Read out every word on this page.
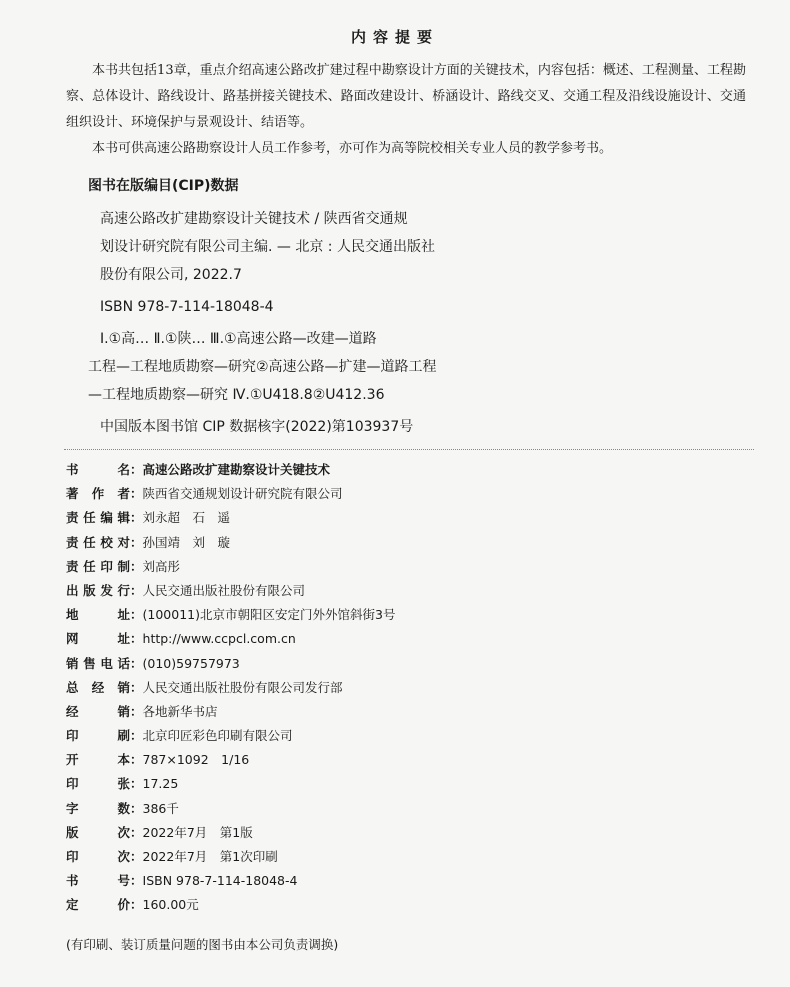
内容提要

本书共包括13章，重点介绍高速公路改扩建过程中勘察设计方面的关键技术，内容包括：概述、工程测量、工程勘察、总体设计、路线设计、路基拼接关键技术、路面改建设计、桥涵设计、路线交叉、交通工程及沿线设施设计、交通组织设计、环境保护与景观设计、结语等。

本书可供高速公路勘察设计人员工作参考，亦可作为高等院校相关专业人员的教学参考书。

图书在版编目(CIP)数据
高速公路改扩建勘察设计关键技术 / 陕西省交通规
划设计研究院有限公司主编. — 北京 : 人民交通出版社
股份有限公司, 2022.7
ISBN 978-7-114-18048-4
Ⅰ.①高… Ⅱ.①陕… Ⅲ.①高速公路—改建—道路
工程—工程地质勘察—研究②高速公路—扩建—道路工程
—工程地质勘察—研究 Ⅳ.①U418.8②U412.36
中国版本图书馆 CIP 数据核字(2022)第103937号
书名：高速公路改扩建勘察设计关键技术
著作者：陕西省交通规划设计研究院有限公司
责任编辑：刘永超　石　遥
责任校对：孙国靖　刘　璇
责任印制：刘高彤
出版发行：人民交通出版社股份有限公司
地址：(100011)北京市朝阳区安定门外外馆斜街3号
网址：http://www.ccpcl.com.cn
销售电话：(010)59757973
总经销：人民交通出版社股份有限公司发行部
经销：各地新华书店
印刷：北京印匠彩色印刷有限公司
开本：787×1092　1/16
印张：17.25
字数：386千
版次：2022年7月　第1版
印次：2022年7月　第1次印刷
书号：ISBN 978-7-114-18048-4
定价：160.00元
(有印刷、装订质量问题的图书由本公司负责调换)
